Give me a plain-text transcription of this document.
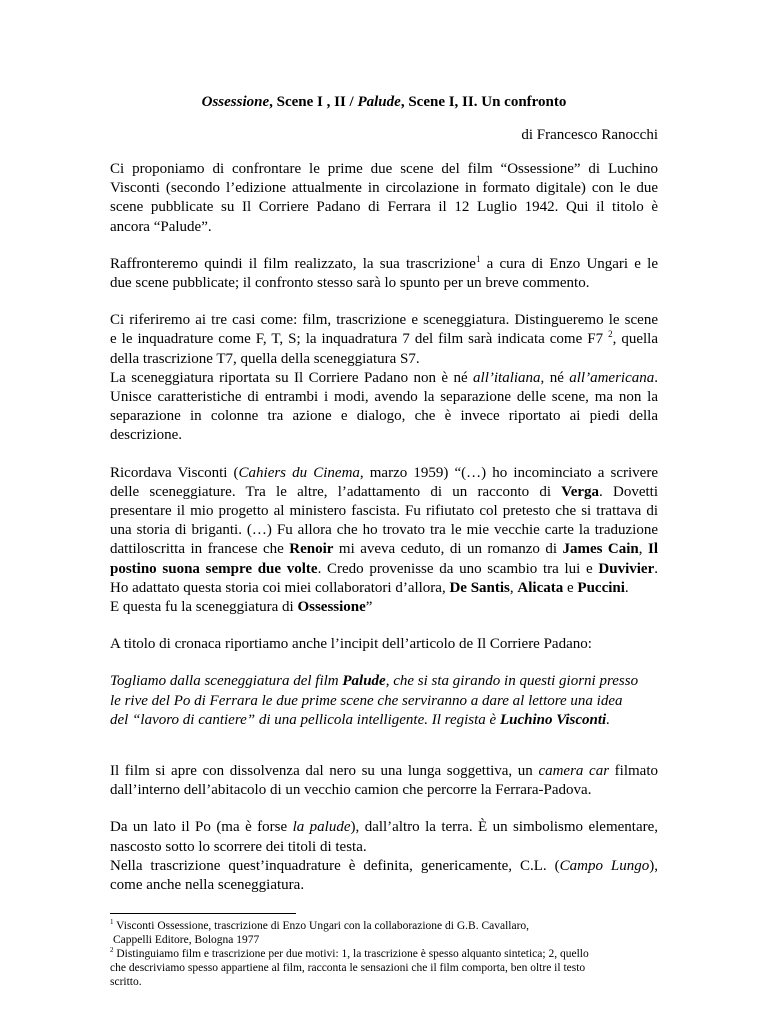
Ossessione, Scene I , II / Palude, Scene I, II. Un confronto
di Francesco Ranocchi
Ci proponiamo di confrontare le prime due scene del film “Ossessione” di Luchino
Visconti (secondo l’edizione attualmente in circolazione in formato digitale) con le due
scene pubblicate su Il Corriere Padano di Ferrara il 12 Luglio 1942. Qui il titolo è
ancora “Palude”.
Raffronteremo quindi il film realizzato, la sua trascrizione$^1$ a cura di Enzo Ungari e le
due scene pubblicate; il confronto stesso sarà lo spunto per un breve commento.
Ci riferiremo ai tre casi come: film, trascrizione e sceneggiatura. Distingueremo le scene
e le inquadrature come F, T, S; la inquadratura 7 del film sarà indicata come F7 $^2$, quella
della trascrizione T7, quella della sceneggiatura S7.
La sceneggiatura riportata su Il Corriere Padano non è né all’italiana, né all’americana.
Unisce caratteristiche di entrambi i modi, avendo la separazione delle scene, ma non la
separazione in colonne tra azione e dialogo, che è invece riportato ai piedi della
descrizione.
Ricordava Visconti (Cahiers du Cinema, marzo 1959) “(…) ho incominciato a scrivere
delle sceneggiature. Tra le altre, l’adattamento di un racconto di Verga. Dovetti
presentare il mio progetto al ministero fascista. Fu rifiutato col pretesto che si trattava di
una storia di briganti. (…) Fu allora che ho trovato tra le mie vecchie carte la traduzione
dattiloscritta in francese che Renoir mi aveva ceduto, di un romanzo di James Cain, Il
postino suona sempre due volte. Credo provenisse da uno scambio tra lui e Duvivier.
Ho adattato questa storia coi miei collaboratori d’allora, De Santis, Alicata e Puccini.
E questa fu la sceneggiatura di Ossessione”
A titolo di cronaca riportiamo anche l’incipit dell’articolo de Il Corriere Padano:
Togliamo dalla sceneggiatura del film Palude, che si sta girando in questi giorni presso
le rive del Po di Ferrara le due prime scene che serviranno a dare al lettore una idea
del “lavoro di cantiere” di una pellicola intelligente. Il regista è Luchino Visconti.
Il film si apre con dissolvenza dal nero su una lunga soggettiva, un camera car filmato
dall’interno dell’abitacolo di un vecchio camion che percorre la Ferrara-Padova.
Da un lato il Po (ma è forse la palude), dall’altro la terra. È un simbolismo elementare,
nascosto sotto lo scorrere dei titoli di testa.
Nella trascrizione quest’inquadrature è definita, genericamente, C.L. (Campo Lungo),
come anche nella sceneggiatura.
$^1$ Visconti Ossessione, trascrizione di Enzo Ungari con la collaborazione di G.B. Cavallaro,
Cappelli Editore, Bologna 1977
$^2$ Distinguiamo film e trascrizione per due motivi: 1, la trascrizione è spesso alquanto sintetica; 2, quello
che descriviamo spesso appartiene al film, racconta le sensazioni che il film comporta, ben oltre il testo
scritto.
